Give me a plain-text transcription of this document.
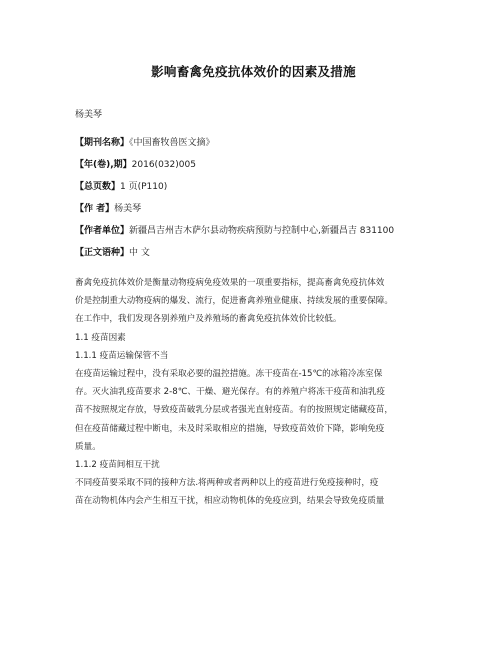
影响畜禽免疫抗体效价的因素及措施
杨美琴
【期刊名称】《中国畜牧兽医文摘》
【年(卷),期】2016(032)005
【总页数】1 页(P110)
【作 者】杨美琴
【作者单位】新疆昌吉州吉木萨尔县动物疾病预防与控制中心,新疆昌吉 831100
【正文语种】中 文

畜禽免疫抗体效价是衡量动物疫病免疫效果的一项重要指标，提高畜禽免疫抗体效
价是控制重大动物疫病的爆发、流行，促进畜禽养殖业健康、持续发展的重要保障。
在工作中，我们发现各别养殖户及养殖场的畜禽免疫抗体效价比较低。

1.1 疫苗因素

1.1.1 疫苗运输保管不当

在疫苗运输过程中，没有采取必要的温控措施。冻干疫苗在-15℃的冰箱冷冻室保
存。灭火油乳疫苗要求 2-8℃、干燥、避光保存。有的养殖户将冻干疫苗和油乳疫
苗不按照规定存放，导致疫苗破乳分层或者强光直射疫苗。有的按照规定储藏疫苗，
但在疫苗储藏过程中断电，未及时采取相应的措施，导致疫苗效价下降，影响免疫
质量。

1.1.2 疫苗间相互干扰

不同疫苗要采取不同的接种方法.将两种或者两种以上的疫苗进行免疫接种时，疫
苗在动物机体内会产生相互干扰，相应动物机体的免疫应到，结果会导致免疫质量
